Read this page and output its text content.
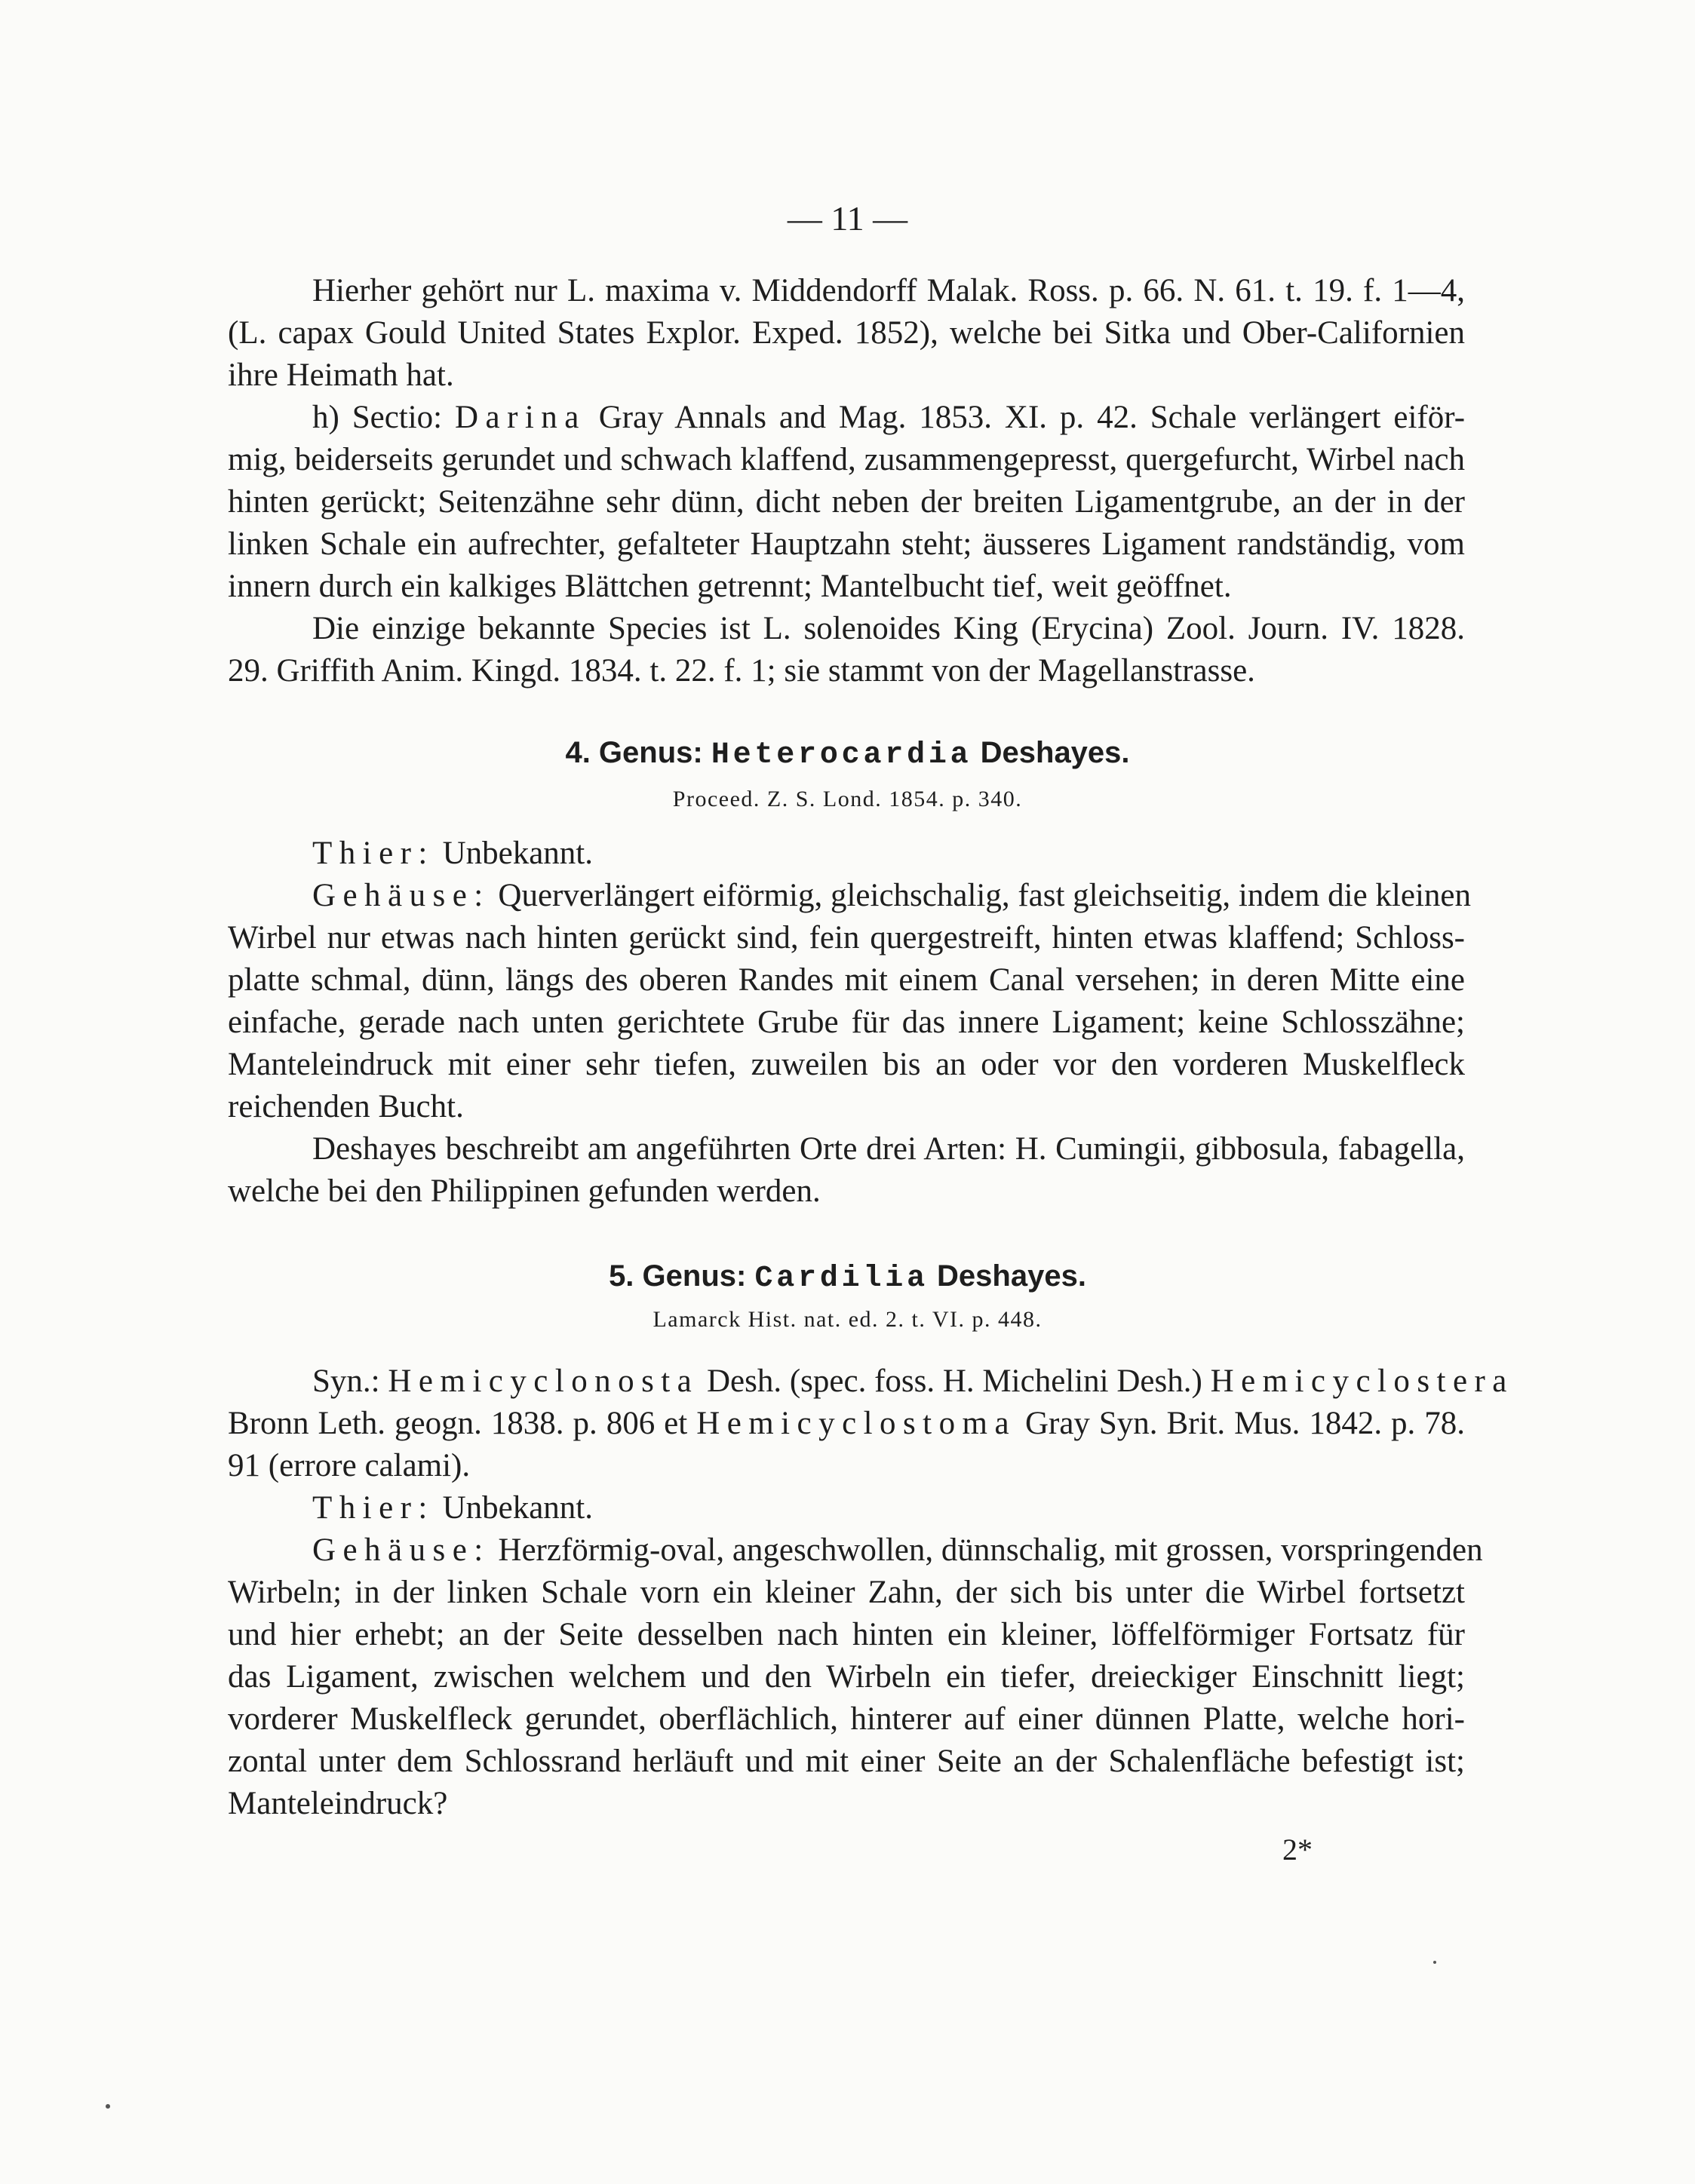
— 11 —
Hierher gehört nur L. maxima v. Middendorff Malak. Ross. p. 66. N. 61. t. 19. f. 1—4,
(L. capax Gould United States Explor. Exped. 1852), welche bei Sitka und Ober-Californien
ihre Heimath hat.
h) Sectio: Darina Gray Annals and Mag. 1853. XI. p. 42. Schale verlängert eiför-
mig, beiderseits gerundet und schwach klaffend, zusammengepresst, quergefurcht, Wirbel nach
hinten gerückt; Seitenzähne sehr dünn, dicht neben der breiten Ligamentgrube, an der in der
linken Schale ein aufrechter, gefalteter Hauptzahn steht; äusseres Ligament randständig, vom
innern durch ein kalkiges Blättchen getrennt; Mantelbucht tief, weit geöffnet.
Die einzige bekannte Species ist L. solenoides King (Erycina) Zool. Journ. IV. 1828.
29. Griffith Anim. Kingd. 1834. t. 22. f. 1; sie stammt von der Magellanstrasse.
4. Genus: Heterocardia Deshayes.
Proceed. Z. S. Lond. 1854. p. 340.
Thier: Unbekannt.
Gehäuse: Querverlängert eiförmig, gleichschalig, fast gleichseitig, indem die kleinen
Wirbel nur etwas nach hinten gerückt sind, fein quergestreift, hinten etwas klaffend; Schloss-
platte schmal, dünn, längs des oberen Randes mit einem Canal versehen; in deren Mitte eine
einfache, gerade nach unten gerichtete Grube für das innere Ligament; keine Schlosszähne;
Manteleindruck mit einer sehr tiefen, zuweilen bis an oder vor den vorderen Muskelfleck
reichenden Bucht.
Deshayes beschreibt am angeführten Orte drei Arten: H. Cumingii, gibbosula, fabagella,
welche bei den Philippinen gefunden werden.
5. Genus: Cardilia Deshayes.
Lamarck Hist. nat. ed. 2. t. VI. p. 448.
Syn.: Hemicyclonosta Desh. (spec. foss. H. Michelini Desh.) Hemicyclostera
Bronn Leth. geogn. 1838. p. 806 et Hemicyclostoma Gray Syn. Brit. Mus. 1842. p. 78.
91 (errore calami).
Thier: Unbekannt.
Gehäuse: Herzförmig-oval, angeschwollen, dünnschalig, mit grossen, vorspringenden
Wirbeln; in der linken Schale vorn ein kleiner Zahn, der sich bis unter die Wirbel fortsetzt
und hier erhebt; an der Seite desselben nach hinten ein kleiner, löffelförmiger Fortsatz für
das Ligament, zwischen welchem und den Wirbeln ein tiefer, dreieckiger Einschnitt liegt;
vorderer Muskelfleck gerundet, oberflächlich, hinterer auf einer dünnen Platte, welche hori-
zontal unter dem Schlossrand herläuft und mit einer Seite an der Schalenfläche befestigt ist;
Manteleindruck?
2*
